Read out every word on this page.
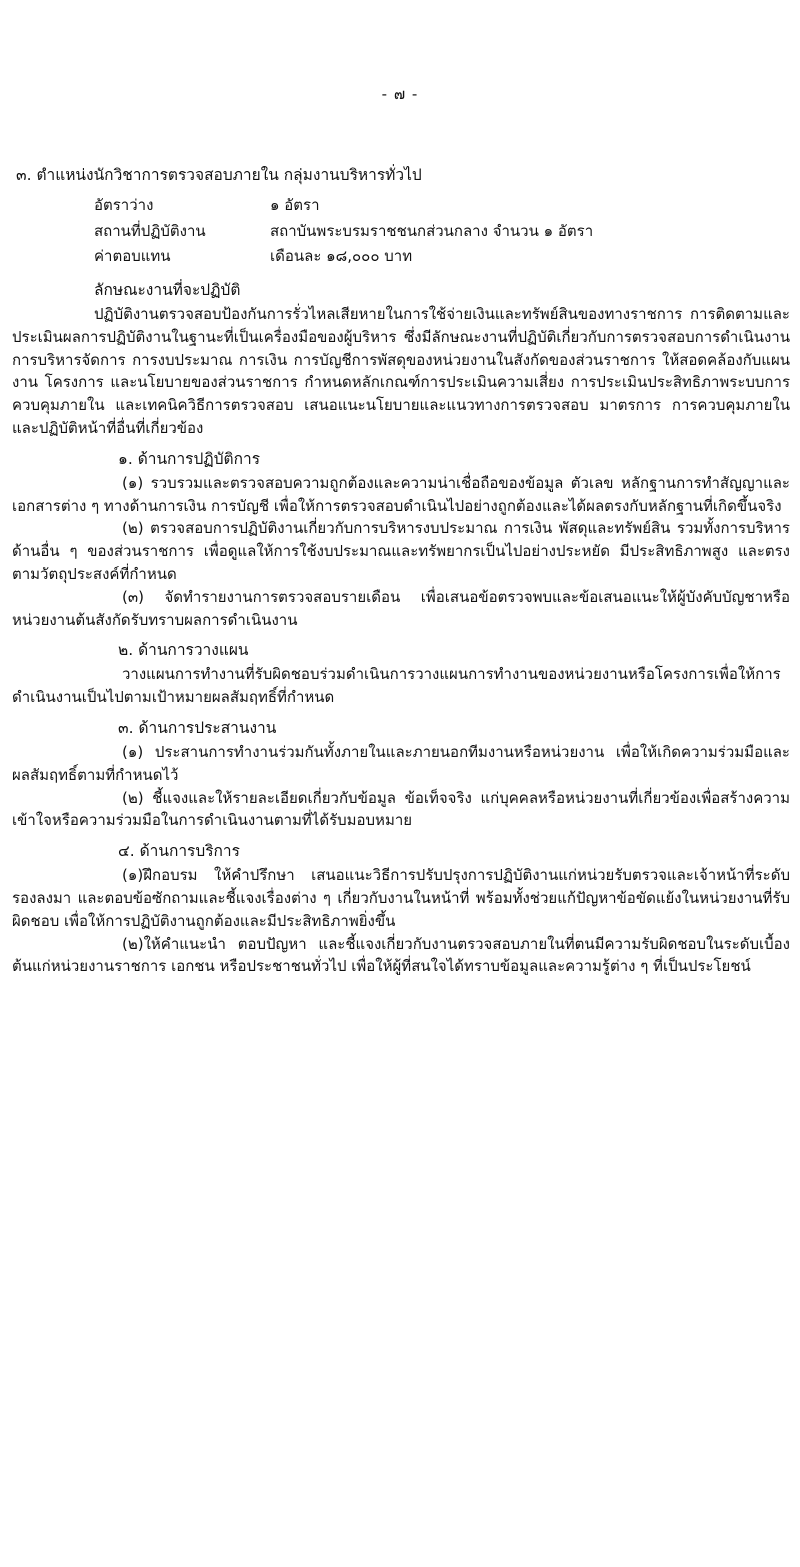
- ๗ -
๓. ตำแหน่งนักวิชาการตรวจสอบภายใน กลุ่มงานบริหารทั่วไป
อัตราว่าง	๑ อัตรา
สถานที่ปฏิบัติงาน	สถาบันพระบรมราชชนกส่วนกลาง จำนวน ๑ อัตรา
ค่าตอบแทน	เดือนละ ๑๘,๐๐๐ บาท
ลักษณะงานที่จะปฏิบัติ

ปฏิบัติงานตรวจสอบป้องกันการรั่วไหลเสียหายในการใช้จ่ายเงินและทรัพย์สินของทางราชการ การติดตามและประเมินผลการปฏิบัติงานในฐานะที่เป็นเครื่องมือของผู้บริหาร ซึ่งมีลักษณะงานที่ปฏิบัติเกี่ยวกับการตรวจสอบการดำเนินงาน การบริหารจัดการ การงบประมาณ การเงิน การบัญชีการพัสดุของหน่วยงานในสังกัดของส่วนราชการ ให้สอดคล้องกับแผนงาน โครงการ และนโยบายของส่วนราชการ กำหนดหลักเกณฑ์การประเมินความเสี่ยง การประเมินประสิทธิภาพระบบการควบคุมภายใน และเทคนิควิธีการตรวจสอบ เสนอแนะนโยบายและแนวทางการตรวจสอบ มาตรการ การควบคุมภายใน และปฏิบัติหน้าที่อื่นที่เกี่ยวข้อง

๑. ด้านการปฏิบัติการ

(๑) รวบรวมและตรวจสอบความถูกต้องและความน่าเชื่อถือของข้อมูล ตัวเลข หลักฐานการทำสัญญาและเอกสารต่าง ๆ ทางด้านการเงิน การบัญชี เพื่อให้การตรวจสอบดำเนินไปอย่างถูกต้องและได้ผลตรงกับหลักฐานที่เกิดขึ้นจริง

(๒) ตรวจสอบการปฏิบัติงานเกี่ยวกับการบริหารงบประมาณ การเงิน พัสดุและทรัพย์สิน รวมทั้งการบริหารด้านอื่น ๆ ของส่วนราชการ เพื่อดูแลให้การใช้งบประมาณและทรัพยากรเป็นไปอย่างประหยัด มีประสิทธิภาพสูง และตรงตามวัตถุประสงค์ที่กำหนด

(๓) จัดทำรายงานการตรวจสอบรายเดือน เพื่อเสนอข้อตรวจพบและข้อเสนอแนะให้ผู้บังคับบัญชาหรือหน่วยงานต้นสังกัดรับทราบผลการดำเนินงาน

๒. ด้านการวางแผน

วางแผนการทำงานที่รับผิดชอบร่วมดำเนินการวางแผนการทำงานของหน่วยงานหรือโครงการเพื่อให้การดำเนินงานเป็นไปตามเป้าหมายผลสัมฤทธิ์ที่กำหนด

๓. ด้านการประสานงาน

(๑) ประสานการทำงานร่วมกันทั้งภายในและภายนอกทีมงานหรือหน่วยงาน เพื่อให้เกิดความร่วมมือและผลสัมฤทธิ์ตามที่กำหนดไว้

(๒) ชี้แจงและให้รายละเอียดเกี่ยวกับข้อมูล ข้อเท็จจริง แก่บุคคลหรือหน่วยงานที่เกี่ยวข้องเพื่อสร้างความเข้าใจหรือความร่วมมือในการดำเนินงานตามที่ได้รับมอบหมาย

๔. ด้านการบริการ

(๑)ฝึกอบรม ให้คำปรึกษา เสนอแนะวิธีการปรับปรุงการปฏิบัติงานแก่หน่วยรับตรวจและเจ้าหน้าที่ระดับรองลงมา และตอบข้อซักถามและชี้แจงเรื่องต่าง ๆ เกี่ยวกับงานในหน้าที่ พร้อมทั้งช่วยแก้ปัญหาข้อขัดแย้งในหน่วยงานที่รับผิดชอบ เพื่อให้การปฏิบัติงานถูกต้องและมีประสิทธิภาพยิ่งขึ้น

(๒)ให้คำแนะนำ ตอบปัญหา และชี้แจงเกี่ยวกับงานตรวจสอบภายในที่ตนมีความรับผิดชอบในระดับเบื้องต้นแก่หน่วยงานราชการ เอกชน หรือประชาชนทั่วไป เพื่อให้ผู้ที่สนใจได้ทราบข้อมูลและความรู้ต่าง ๆ ที่เป็นประโยชน์
